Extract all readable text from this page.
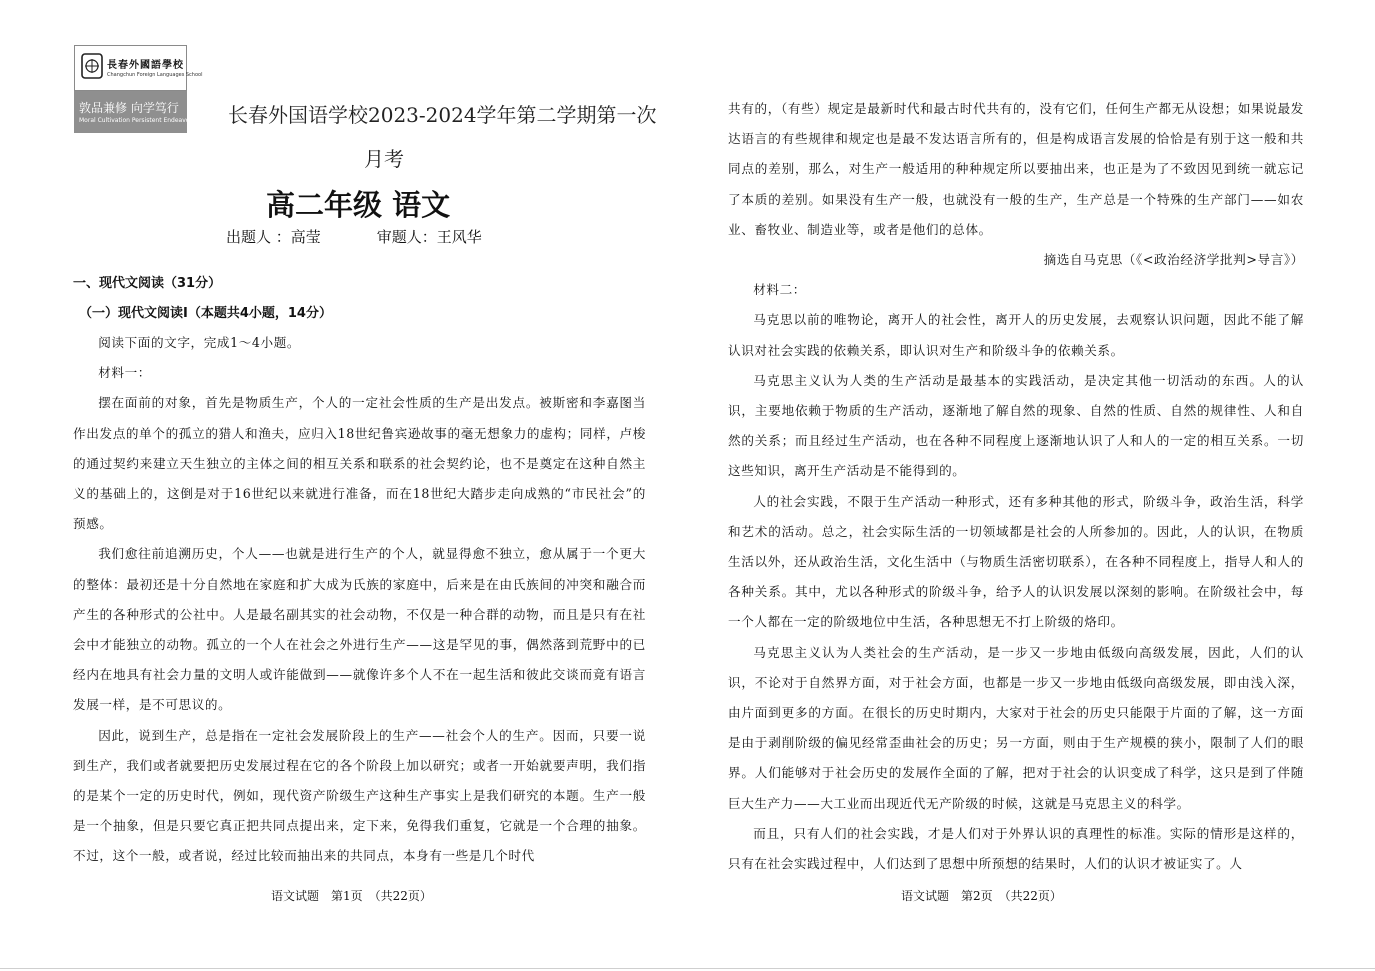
長春外國語學校
Changchun Foreign Languages School
敦品兼修 向学笃行
Moral Cultivation Persistent Endeavor 长春外国语学校2023-2024学年第二学期第一次
月考
高二年级 语文
出题人 ：高莹	审题人：王风华
一、现代文阅读（31分）
（一）现代文阅读Ⅰ（本题共4小题，14分）

阅读下面的文字，完成1～4小题。

材料一：

摆在面前的对象，首先是物质生产，个人的一定社会性质的生产是出发点。被斯密和李嘉图当作出发点的单个的孤立的猎人和渔夫，应归入18世纪鲁宾逊故事的毫无想象力的虚构；同样，卢梭的通过契约来建立天生独立的主体之间的相互关系和联系的社会契约论，也不是奠定在这种自然主义的基础上的，这倒是对于16世纪以来就进行准备，而在18世纪大踏步走向成熟的“市民社会”的预感。

我们愈往前追溯历史，个人——也就是进行生产的个人，就显得愈不独立，愈从属于一个更大的整体：最初还是十分自然地在家庭和扩大成为氏族的家庭中，后来是在由氏族间的冲突和融合而产生的各种形式的公社中。人是最名副其实的社会动物，不仅是一种合群的动物，而且是只有在社会中才能独立的动物。孤立的一个人在社会之外进行生产——这是罕见的事，偶然落到荒野中的已经内在地具有社会力量的文明人或许能做到——就像许多个人不在一起生活和彼此交谈而竟有语言发展一样，是不可思议的。

因此，说到生产，总是指在一定社会发展阶段上的生产——社会个人的生产。因而，只要一说到生产，我们或者就要把历史发展过程在它的各个阶段上加以研究；或者一开始就要声明，我们指的是某个一定的历史时代，例如，现代资产阶级生产这种生产事实上是我们研究的本题。生产一般是一个抽象，但是只要它真正把共同点提出来，定下来，免得我们重复，它就是一个合理的抽象。不过，这个一般，或者说，经过比较而抽出来的共同点，本身有一些是几个时代

语文试题　第1页　（共22页）

共有的，（有些）规定是最新时代和最古时代共有的，没有它们，任何生产都无从设想；如果说最发达语言的有些规律和规定也是最不发达语言所有的，但是构成语言发展的恰恰是有别于这一般和共同点的差别，那么，对生产一般适用的种种规定所以要抽出来，也正是为了不致因见到统一就忘记了本质的差别。如果没有生产一般，也就没有一般的生产，生产总是一个特殊的生产部门——如农业、畜牧业、制造业等，或者是他们的总体。

摘选自马克思（《<政治经济学批判>导言》）

材料二：

马克思以前的唯物论，离开人的社会性，离开人的历史发展，去观察认识问题，因此不能了解认识对社会实践的依赖关系，即认识对生产和阶级斗争的依赖关系。

马克思主义认为人类的生产活动是最基本的实践活动，是决定其他一切活动的东西。人的认识，主要地依赖于物质的生产活动，逐渐地了解自然的现象、自然的性质、自然的规律性、人和自然的关系；而且经过生产活动，也在各种不同程度上逐渐地认识了人和人的一定的相互关系。一切这些知识，离开生产活动是不能得到的。

人的社会实践，不限于生产活动一种形式，还有多种其他的形式，阶级斗争，政治生活，科学和艺术的活动。总之，社会实际生活的一切领域都是社会的人所参加的。因此，人的认识，在物质生活以外，还从政治生活，文化生活中（与物质生活密切联系），在各种不同程度上，指导人和人的各种关系。其中，尤以各种形式的阶级斗争，给予人的认识发展以深刻的影响。在阶级社会中，每一个人都在一定的阶级地位中生活，各种思想无不打上阶级的烙印。

马克思主义认为人类社会的生产活动，是一步又一步地由低级向高级发展，因此，人们的认识，不论对于自然界方面，对于社会方面，也都是一步又一步地由低级向高级发展，即由浅入深，由片面到更多的方面。在很长的历史时期内，大家对于社会的历史只能限于片面的了解，这一方面是由于剥削阶级的偏见经常歪曲社会的历史；另一方面，则由于生产规模的狭小，限制了人们的眼界。人们能够对于社会历史的发展作全面的了解，把对于社会的认识变成了科学，这只是到了伴随巨大生产力——大工业而出现近代无产阶级的时候，这就是马克思主义的科学。

而且，只有人们的社会实践，才是人们对于外界认识的真理性的标准。实际的情形是这样的，只有在社会实践过程中，人们达到了思想中所预想的结果时，人们的认识才被证实了。人

语文试题　第2页　（共22页）
